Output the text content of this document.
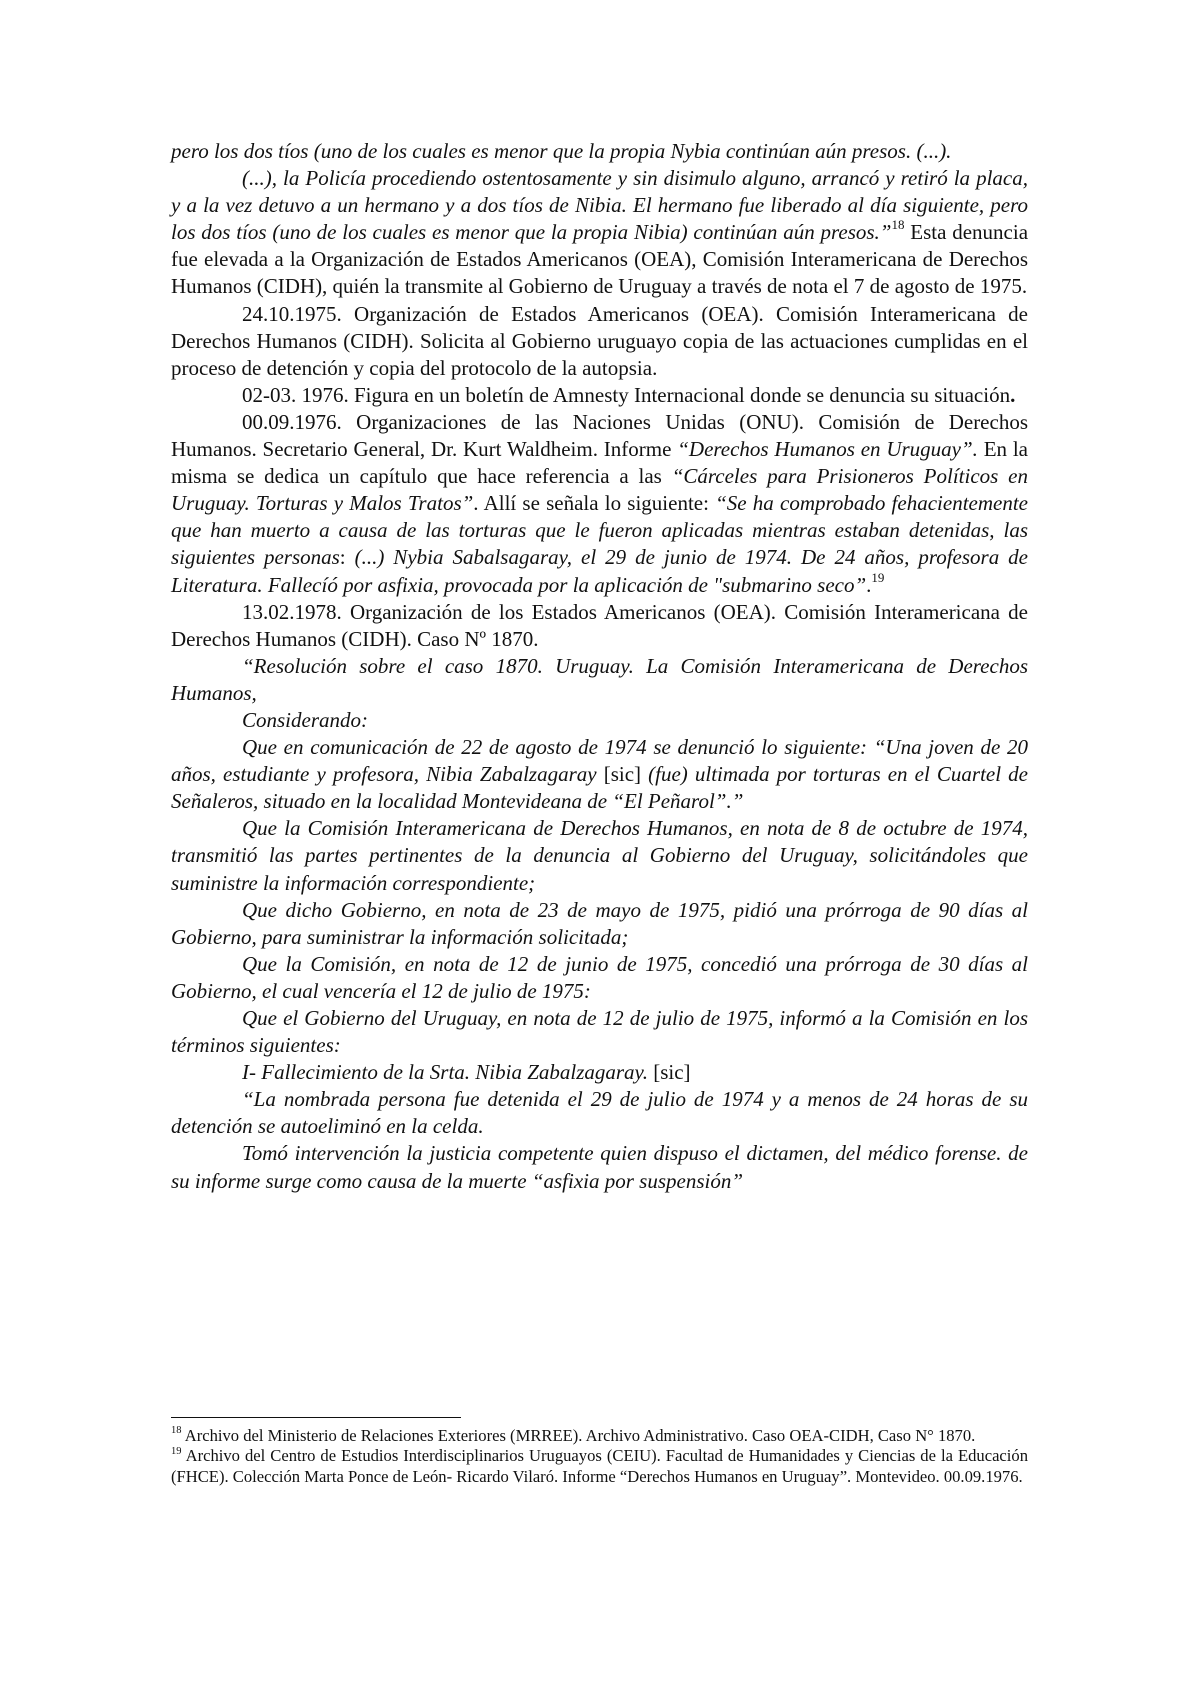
pero los dos tíos (uno de los cuales es menor que la propia Nybia continúan aún presos. (...).

(...), la Policía procediendo ostentosamente y sin disimulo alguno, arrancó y retiró la placa, y a la vez detuvo a un hermano y a dos tíos de Nibia. El hermano fue liberado al día siguiente, pero los dos tíos (uno de los cuales es menor que la propia Nibia) continúan aún presos.”$^{18}$ Esta denuncia fue elevada a la Organización de Estados Americanos (OEA), Comisión Interamericana de Derechos Humanos (CIDH), quién la transmite al Gobierno de Uruguay a través de nota el 7 de agosto de 1975.

24.10.1975. Organización de Estados Americanos (OEA). Comisión Interamericana de Derechos Humanos (CIDH). Solicita al Gobierno uruguayo copia de las actuaciones cumplidas en el proceso de detención y copia del protocolo de la autopsia.

02-03. 1976. Figura en un boletín de Amnesty Internacional donde se denuncia su situación.

00.09.1976. Organizaciones de las Naciones Unidas (ONU). Comisión de Derechos Humanos. Secretario General, Dr. Kurt Waldheim. Informe “Derechos Humanos en Uruguay”. En la misma se dedica un capítulo que hace referencia a las “Cárceles para Prisioneros Políticos en Uruguay. Torturas y Malos Tratos”. Allí se señala lo siguiente: “Se ha comprobado fehacientemente que han muerto a causa de las torturas que le fueron aplicadas mientras estaban detenidas, las siguientes personas: (...) Nybia Sabalsagaray, el 29 de junio de 1974. De 24 años, profesora de Literatura. Fallecíó por asfixia, provocada por la aplicación de "submarino seco”.$^{19}$

13.02.1978. Organización de los Estados Americanos (OEA). Comisión Interamericana de Derechos Humanos (CIDH). Caso Nº 1870.

“Resolución sobre el caso 1870. Uruguay. La Comisión Interamericana de Derechos Humanos,

Considerando:

Que en comunicación de 22 de agosto de 1974 se denunció lo siguiente: “Una joven de 20 años, estudiante y profesora, Nibia Zabalzagaray [sic] (fue) ultimada por torturas en el Cuartel de Señaleros, situado en la localidad Montevideana de “El Peñarol”.”

Que la Comisión Interamericana de Derechos Humanos, en nota de 8 de octubre de 1974, transmitió las partes pertinentes de la denuncia al Gobierno del Uruguay, solicitándoles que suministre la información correspondiente;

Que dicho Gobierno, en nota de 23 de mayo de 1975, pidió una prórroga de 90 días al Gobierno, para suministrar la información solicitada;

Que la Comisión, en nota de 12 de junio de 1975, concedió una prórroga de 30 días al Gobierno, el cual vencería el 12 de julio de 1975:

Que el Gobierno del Uruguay, en nota de 12 de julio de 1975, informó a la Comisión en los términos siguientes:

I- Fallecimiento de la Srta. Nibia Zabalzagaray. [sic]

“La nombrada persona fue detenida el 29 de julio de 1974 y a menos de 24 horas de su detención se autoeliminó en la celda.

Tomó intervención la justicia competente quien dispuso el dictamen, del médico forense. de su informe surge como causa de la muerte “asfixia por suspensión”

$^{18}$ Archivo del Ministerio de Relaciones Exteriores (MRREE). Archivo Administrativo. Caso OEA-CIDH, Caso N° 1870.

$^{19}$ Archivo del Centro de Estudios Interdisciplinarios Uruguayos (CEIU). Facultad de Humanidades y Ciencias de la Educación (FHCE). Colección Marta Ponce de León- Ricardo Vilaró. Informe “Derechos Humanos en Uruguay”. Montevideo. 00.09.1976.
